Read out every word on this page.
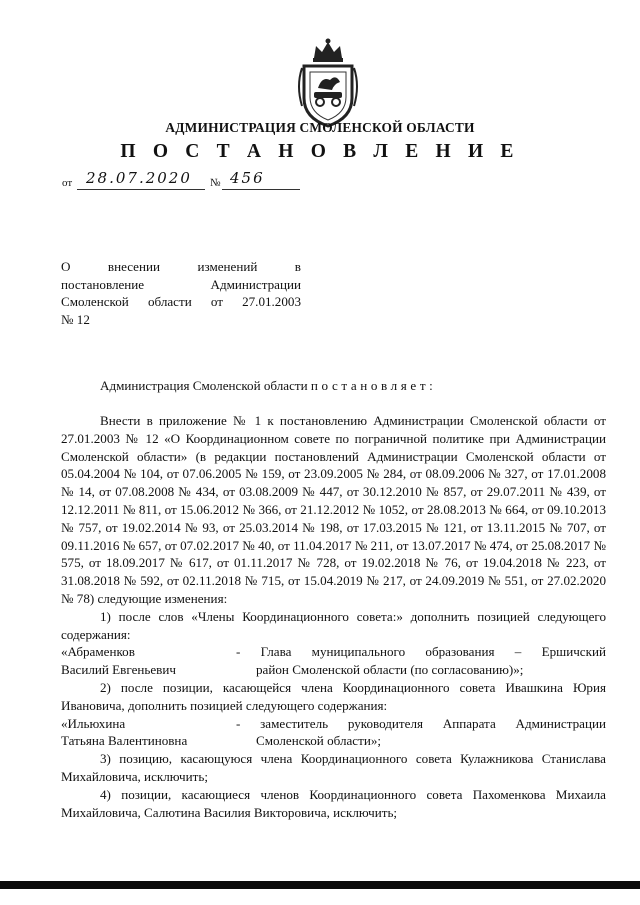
АДМИНИСТРАЦИЯ СМОЛЕНСКОЙ ОБЛАСТИ
П О С Т А Н О В Л Е Н И Е
от 28.07.2020 № 456
О внесении изменений в
постановление Администрации
Смоленской области от 27.01.2003
№ 12
Администрация Смоленской области постановляет:

Внести в приложение № 1 к постановлению Администрации Смоленской области от 27.01.2003 № 12 «О Координационном совете по пограничной политике при Администрации Смоленской области» (в редакции постановлений Администрации Смоленской области от 05.04.2004 № 104, от 07.06.2005 № 159, от 23.09.2005 № 284, от 08.09.2006 № 327, от 17.01.2008 № 14, от 07.08.2008 № 434, от 03.08.2009 № 447, от 30.12.2010 № 857, от 29.07.2011 № 439, от 12.12.2011 № 811, от 15.06.2012 № 366, от 21.12.2012 № 1052, от 28.08.2013 № 664, от 09.10.2013 № 757, от 19.02.2014 № 93, от 25.03.2014 № 198, от 17.03.2015 № 121, от 13.11.2015 № 707, от 09.11.2016 № 657, от 07.02.2017 № 40, от 11.04.2017 № 211, от 13.07.2017 № 474, от 25.08.2017 № 575, от 18.09.2017 № 617, от 01.11.2017 № 728, от 19.02.2018 № 76, от 19.04.2018 № 223, от 31.08.2018 № 592, от 02.11.2018 № 715, от 15.04.2019 № 217, от 24.09.2019 № 551, от 27.02.2020 № 78) следующие изменения:

1) после слов «Члены Координационного совета:» дополнить позицией следующего содержания:

«Абраменков
Василий Евгеньевич
- Глава муниципального образования – Ершичский
район Смоленской области (по согласованию)»;

2) после позиции, касающейся члена Координационного совета Ивашкина Юрия Ивановича, дополнить позицией следующего содержания:

«Ильюхина
Татьяна Валентиновна
- заместитель руководителя Аппарата Администрации
Смоленской области»;

3) позицию, касающуюся члена Координационного совета Кулажникова Станислава Михайловича, исключить;

4) позиции, касающиеся членов Координационного совета Пахоменкова Михаила Михайловича, Салютина Василия Викторовича, исключить;
